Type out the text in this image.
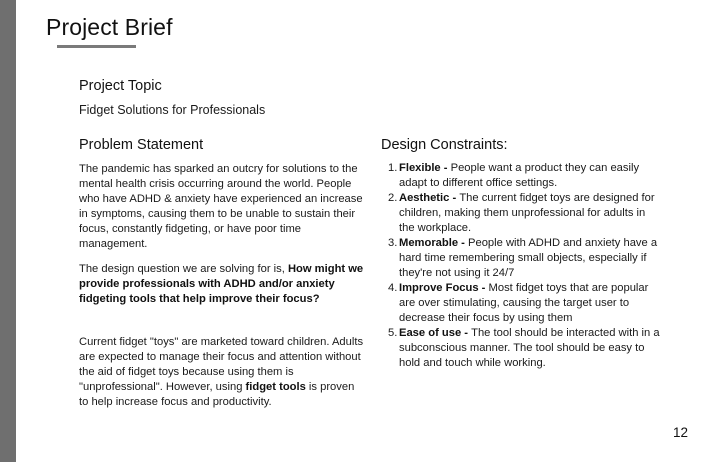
Project Brief
Project Topic

Fidget Solutions for Professionals

Problem Statement

The pandemic has sparked an outcry for solutions to the mental health crisis occurring around the world. People who have ADHD & anxiety have experienced an increase in symptoms, causing them to be unable to sustain their focus, constantly fidgeting, or have poor time management.

The design question we are solving for is, How might we provide professionals with ADHD and/or anxiety fidgeting tools that help improve their focus?

Current fidget "toys" are marketed toward children. Adults are expected to manage their focus and attention without the aid of fidget toys because using them is "unprofessional". However, using fidget tools is proven to help increase focus and productivity.

Design Constraints:
1. Flexible - People want a product they can easily adapt to different office settings.
2. Aesthetic - The current fidget toys are designed for children, making them unprofessional for adults in the workplace.
3. Memorable - People with ADHD and anxiety have a hard time remembering small objects, especially if they're not using it 24/7
4. Improve Focus - Most fidget toys that are popular are over stimulating, causing the target user to decrease their focus by using them
5. Ease of use - The tool should be interacted with in a subconscious manner. The tool should be easy to hold and touch while working.

12
